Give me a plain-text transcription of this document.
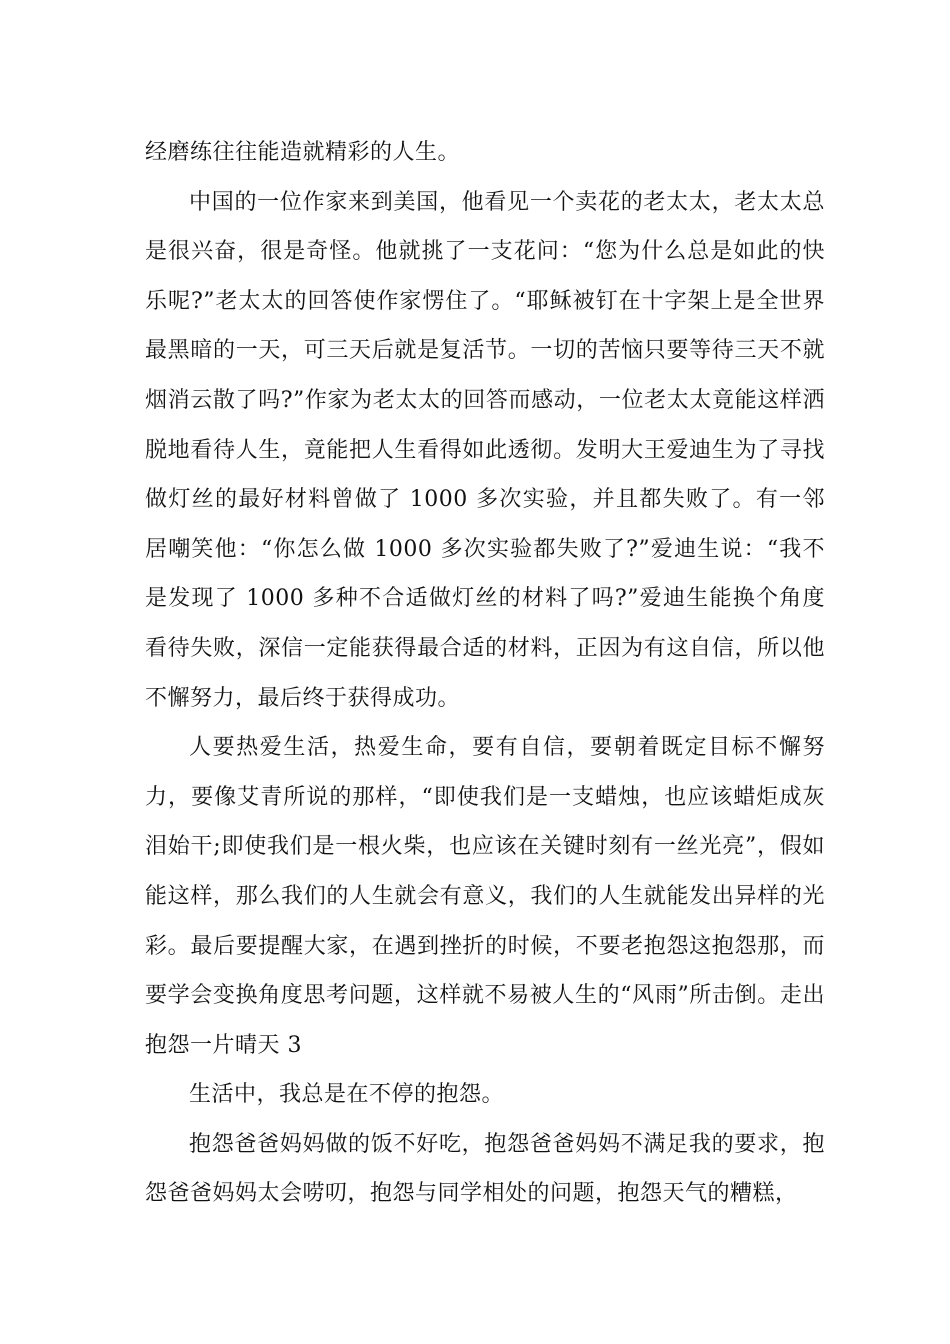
经磨练往往能造就精彩的人生。

中国的一位作家来到美国，他看见一个卖花的老太太，老太太总是很兴奋，很是奇怪。他就挑了一支花问：“您为什么总是如此的快乐呢?”老太太的回答使作家愣住了。“耶稣被钉在十字架上是全世界最黑暗的一天，可三天后就是复活节。一切的苦恼只要等待三天不就烟消云散了吗?”作家为老太太的回答而感动，一位老太太竟能这样洒脱地看待人生，竟能把人生看得如此透彻。发明大王爱迪生为了寻找做灯丝的最好材料曾做了 1000 多次实验，并且都失败了。有一邻居嘲笑他：“你怎么做 1000 多次实验都失败了?”爱迪生说：“我不是发现了 1000 多种不合适做灯丝的材料了吗?”爱迪生能换个角度看待失败，深信一定能获得最合适的材料，正因为有这自信，所以他不懈努力，最后终于获得成功。

人要热爱生活，热爱生命，要有自信，要朝着既定目标不懈努力，要像艾青所说的那样，“即使我们是一支蜡烛，也应该蜡炬成灰泪始干;即使我们是一根火柴，也应该在关键时刻有一丝光亮”，假如能这样，那么我们的人生就会有意义，我们的人生就能发出异样的光彩。最后要提醒大家，在遇到挫折的时候，不要老抱怨这抱怨那，而要学会变换角度思考问题，这样就不易被人生的“风雨”所击倒。走出抱怨一片晴天 3

生活中，我总是在不停的抱怨。

抱怨爸爸妈妈做的饭不好吃，抱怨爸爸妈妈不满足我的要求，抱怨爸爸妈妈太会唠叨，抱怨与同学相处的问题，抱怨天气的糟糕，
